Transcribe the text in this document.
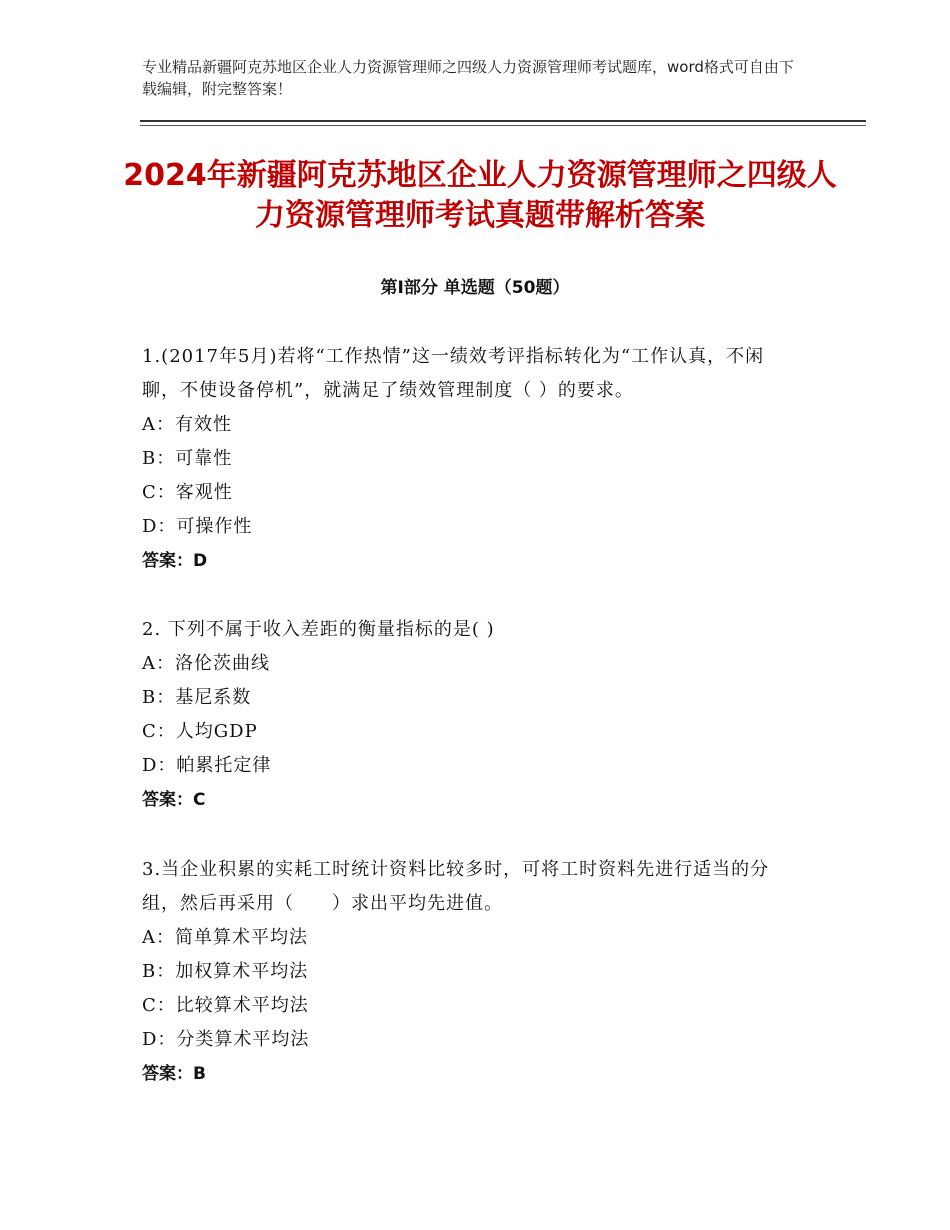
专业精品新疆阿克苏地区企业人力资源管理师之四级人力资源管理师考试题库，word格式可自由下载编辑，附完整答案！
2024年新疆阿克苏地区企业人力资源管理师之四级人力资源管理师考试真题带解析答案
第Ⅰ部分 单选题（50题）

1.(2017年5月)若将“工作热情”这一绩效考评指标转化为“工作认真，不闲聊，不使设备停机”，就满足了绩效管理制度（ ）的要求。

A：有效性
B：可靠性
C：客观性
D：可操作性
答案：D

2. 下列不属于收入差距的衡量指标的是( )

A：洛伦茨曲线
B：基尼系数
C：人均GDP
D：帕累托定律
答案：C

3.当企业积累的实耗工时统计资料比较多时，可将工时资料先进行适当的分组，然后再采用（　　）求出平均先进值。

A：简单算术平均法
B：加权算术平均法
C：比较算术平均法
D：分类算术平均法
答案：B
